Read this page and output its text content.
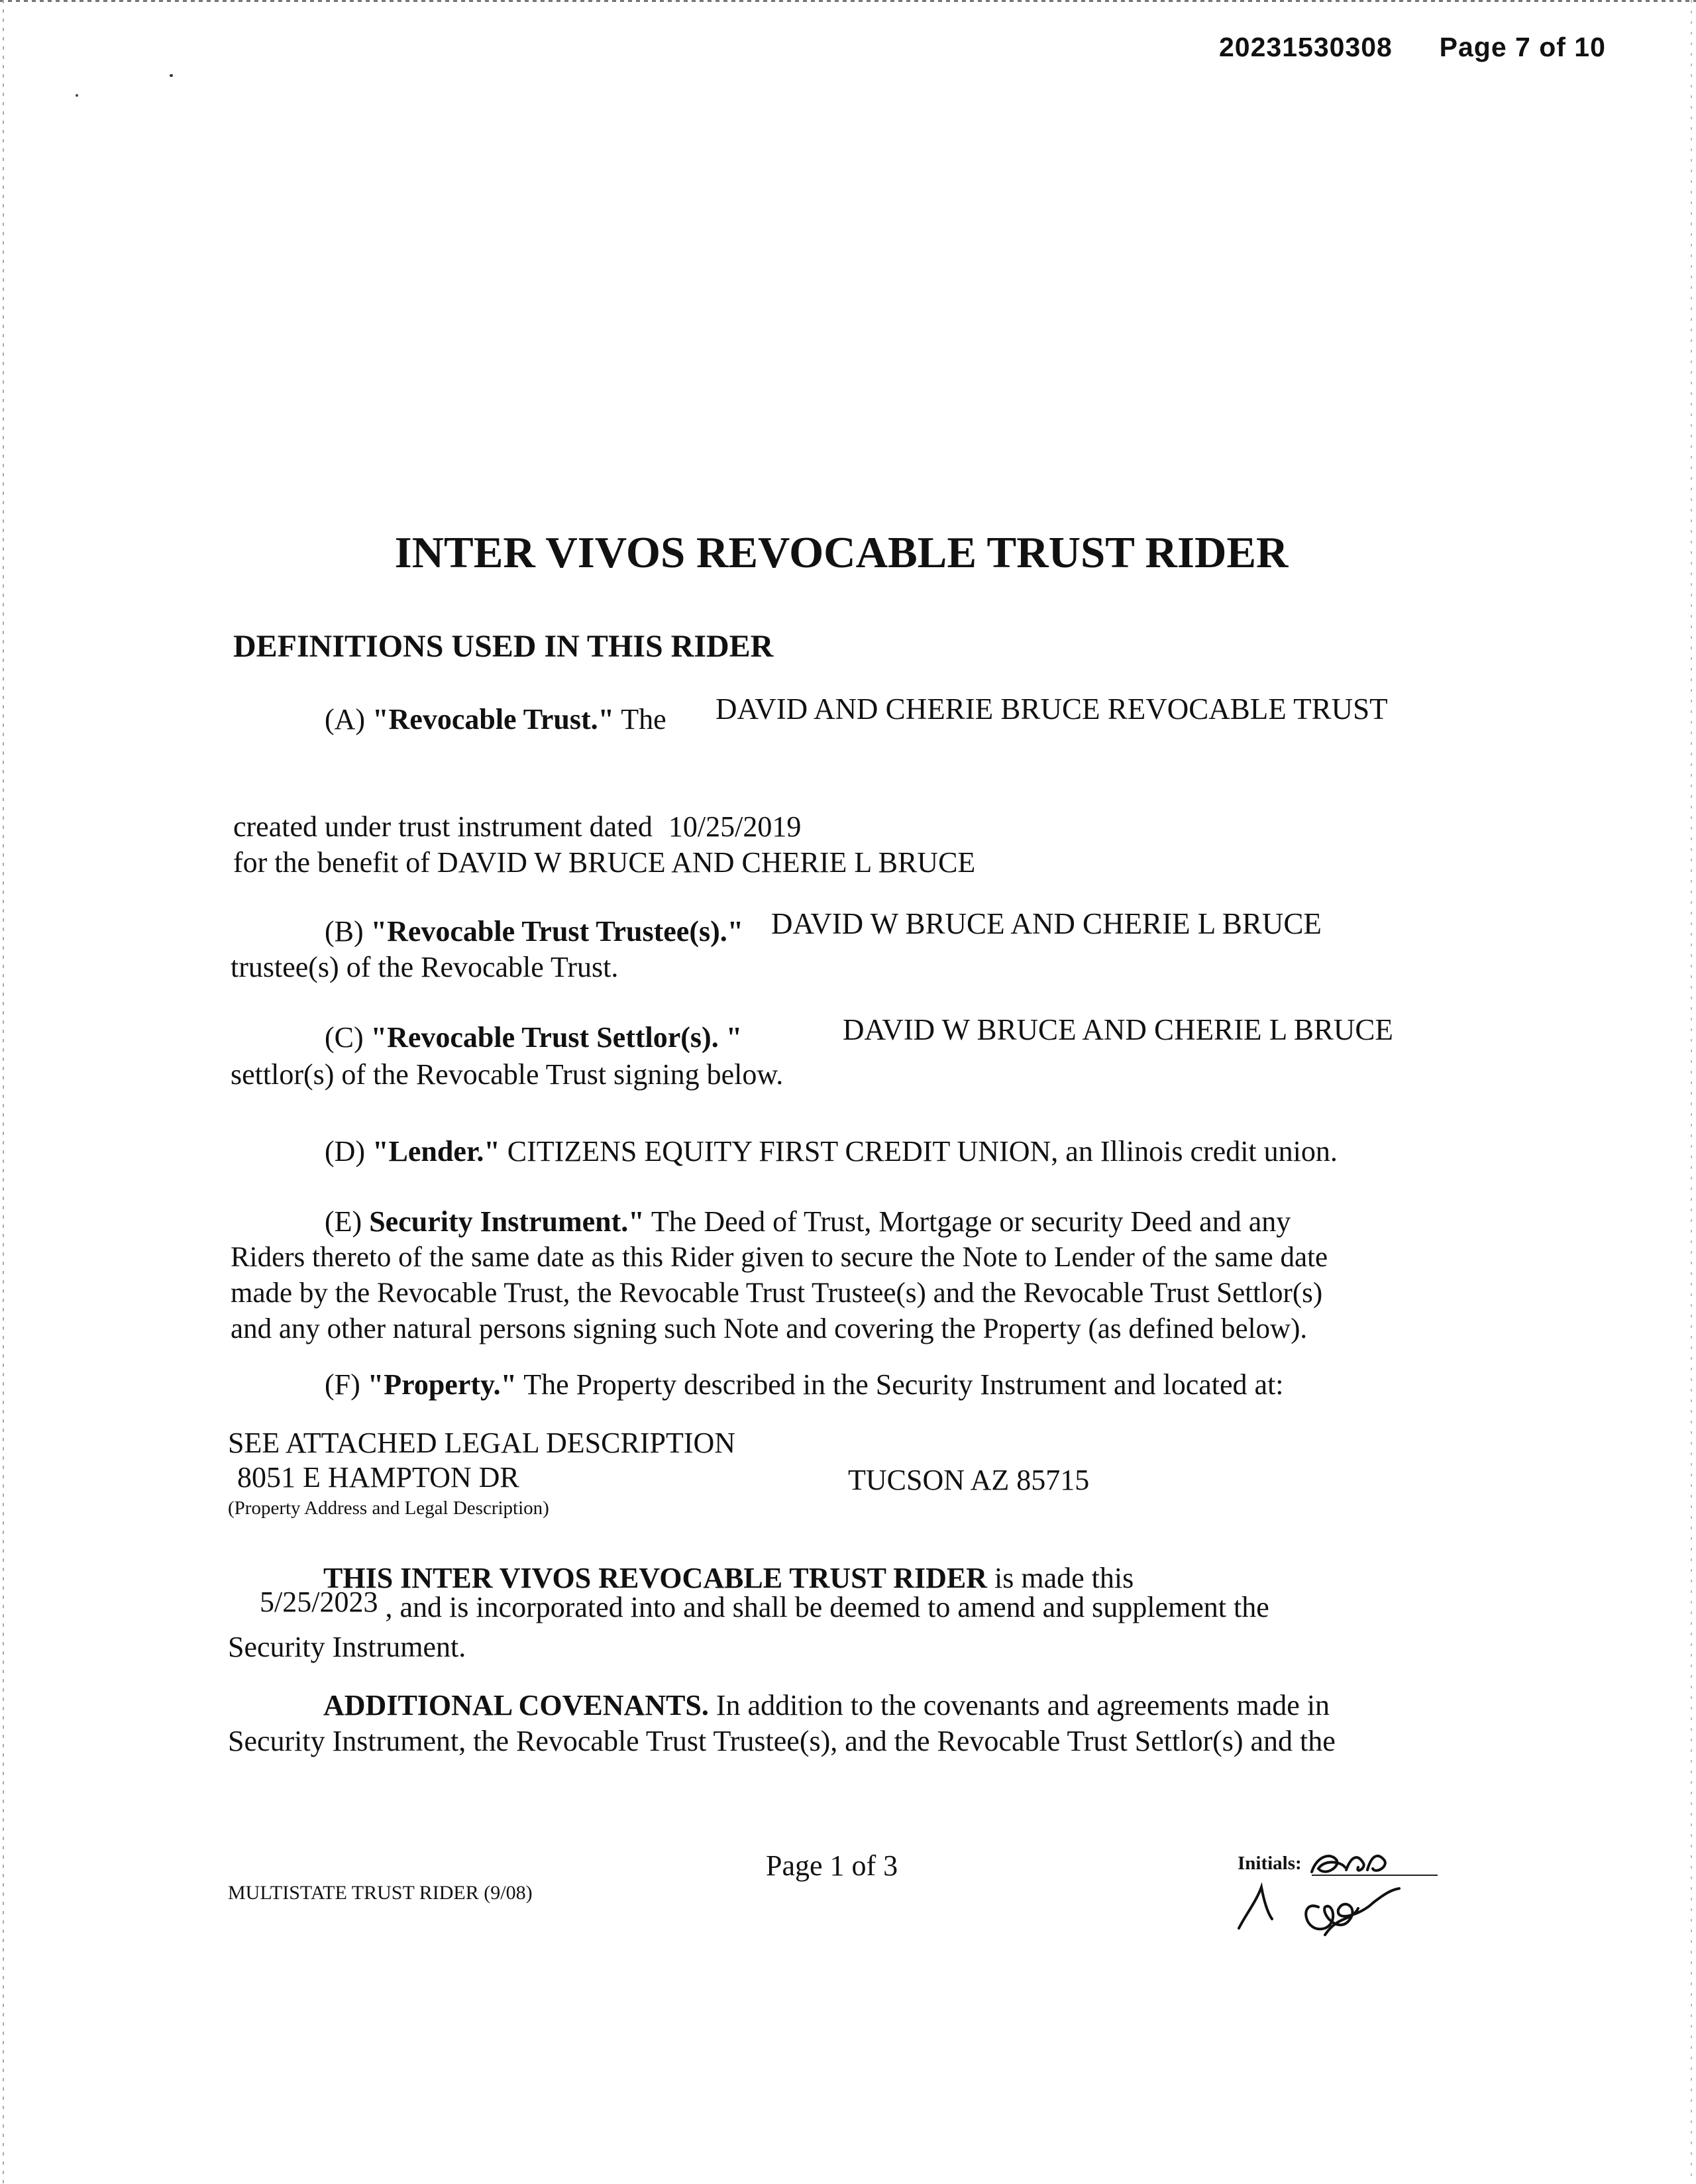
20231530308 Page 7 of 10
INTER VIVOS REVOCABLE TRUST RIDER
DEFINITIONS USED IN THIS RIDER
(A) "Revocable Trust." The DAVID AND CHERIE BRUCE REVOCABLE TRUST
created under trust instrument dated 10/25/2019
for the benefit of DAVID W BRUCE AND CHERIE L BRUCE
(B) "Revocable Trust Trustee(s)." DAVID W BRUCE AND CHERIE L BRUCE
trustee(s) of the Revocable Trust.
(C) "Revocable Trust Settlor(s). "	DAVID W BRUCE AND CHERIE L BRUCE
settlor(s) of the Revocable Trust signing below.
(D) "Lender." CITIZENS EQUITY FIRST CREDIT UNION, an Illinois credit union.
(E) Security Instrument." The Deed of Trust, Mortgage or security Deed and any
Riders thereto of the same date as this Rider given to secure the Note to Lender of the same date
made by the Revocable Trust, the Revocable Trust Trustee(s) and the Revocable Trust Settlor(s)
and any other natural persons signing such Note and covering the Property (as defined below).
(F) "Property." The Property described in the Security Instrument and located at:
SEE ATTACHED LEGAL DESCRIPTION
8051 E HAMPTON DR	TUCSON AZ 85715
(Property Address and Legal Description)
THIS INTER VIVOS REVOCABLE TRUST RIDER is made this
5/25/2023 , and is incorporated into and shall be deemed to amend and supplement the
Security Instrument.
ADDITIONAL COVENANTS. In addition to the covenants and agreements made in
Security Instrument, the Revocable Trust Trustee(s), and the Revocable Trust Settlor(s) and the
MULTISTATE TRUST RIDER (9/08)
Page 1 of 3	Initials:
